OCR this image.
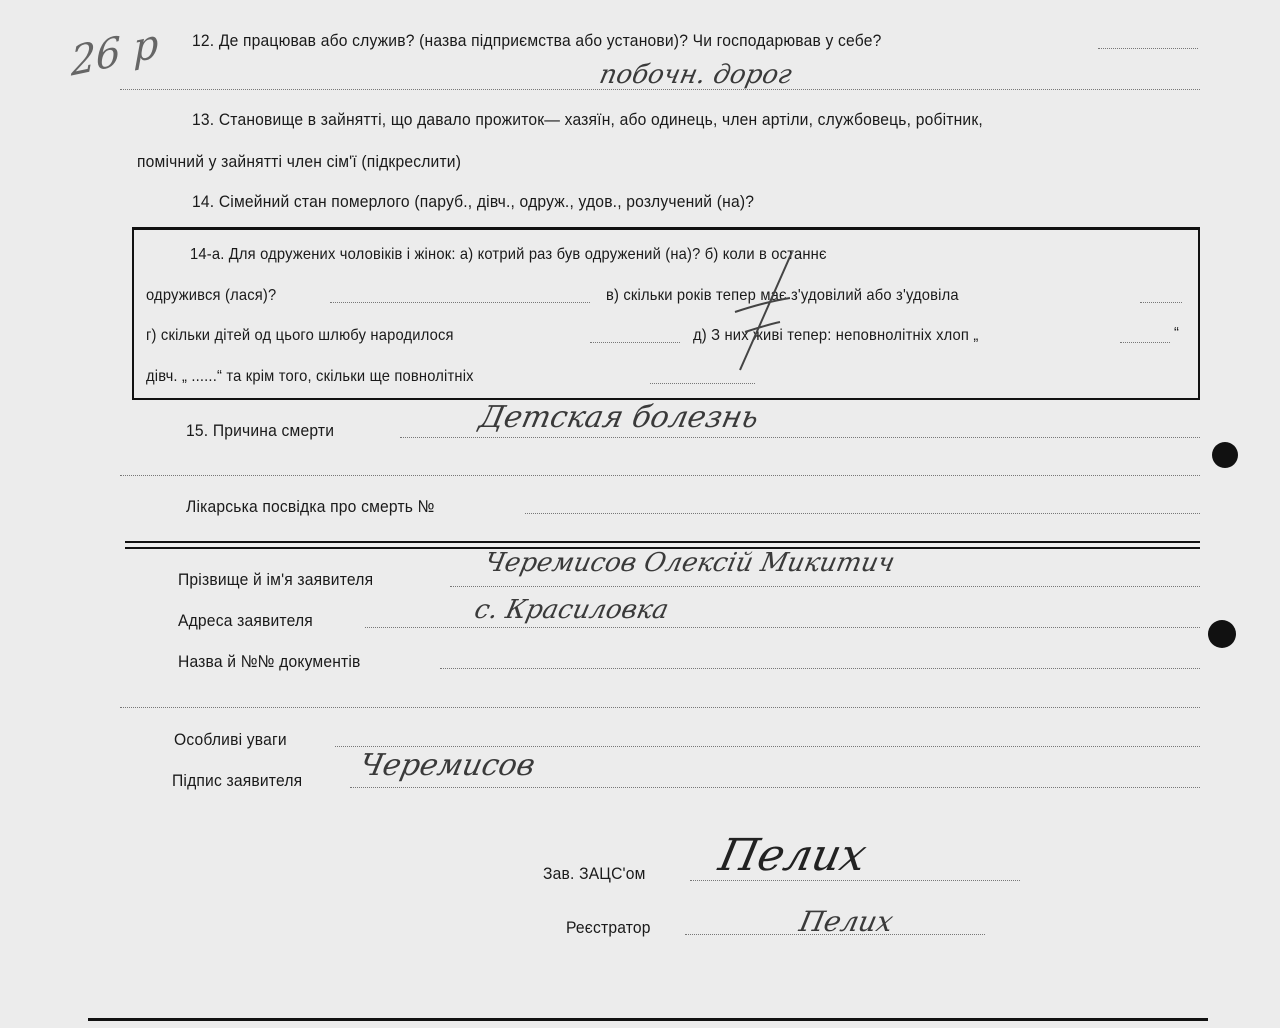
26 р 12. Де працював або служив? (назва підприємства або установи)? Чи господарював у себе?
побочн. дорог
13. Становище в зайнятті, що давало прожиток— хазяїн, або одинець, член артіли, службовець, робітник,
помічний у зайнятті член сім'ї (підкреслити)
14. Сімейний стан померлого (паруб., дівч., одруж., удов., розлучений (на)?
14-а. Для одружених чоловіків і жінок: а) котрий раз був одружений (на)? б) коли в останнє
одружився (лася)?	в) скільки років тепер має з'удовілий або з'удовіла
г) скільки дітей од цього шлюбу народилося	д) З них живі тепер: неповнолітніх хлоп „	“
дівч. „ ......“ та крім того, скільки ще повнолітніх
15. Причина смерти	Детская болезнь
Лікарська посвідка про смерть №
Прізвище й ім'я заявителя
Черемисов Олексій Микитич
Адреса заявителя	с. Красиловка
Назва й №№ документів
Особливі уваги
Підпис заявителя Черемисов
Зав. ЗАЦС'ом Пелих
Реєстратор	Пелих
